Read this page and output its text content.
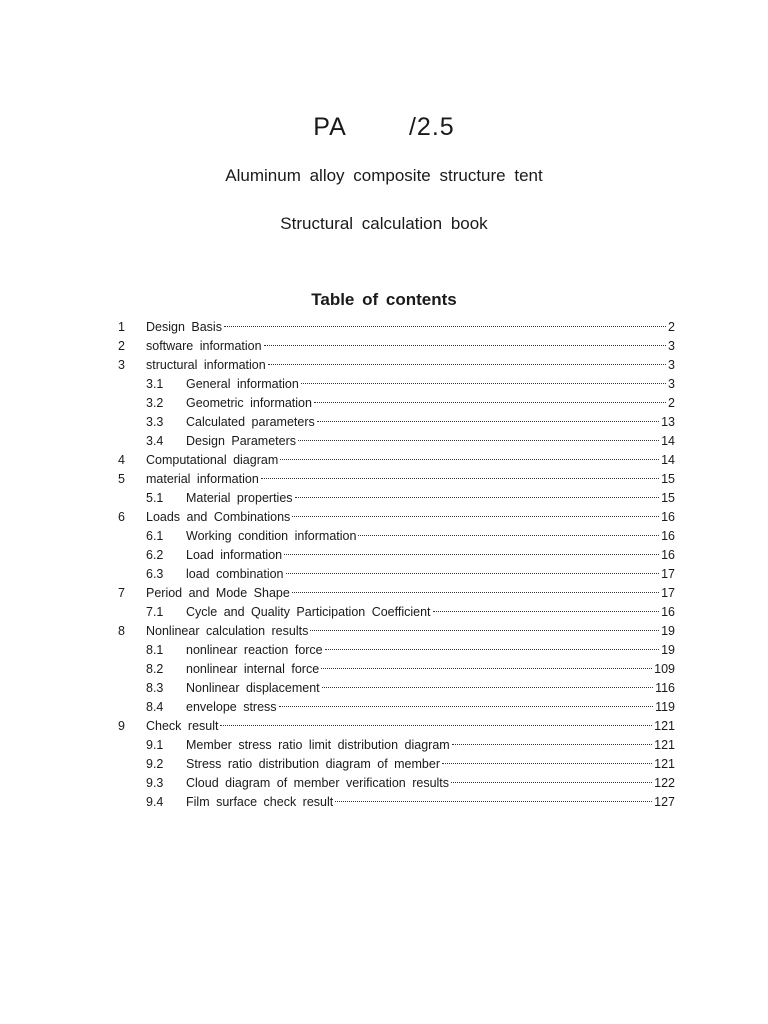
PA        /2.5
Aluminum alloy composite structure tent
Structural calculation book
Table of contents
1 Design Basis	2
2 software information	3
3 structural information	3
3.1 General information	3
3.2 Geometric information	2
3.3 Calculated parameters	13
3.4 Design Parameters	14
4 Computational diagram	14
5 material information	15
5.1 Material properties	15
6 Loads and Combinations	16
6.1 Working condition information	16
6.2 Load information	16
6.3 load combination	17
7 Period and Mode Shape	17
7.1 Cycle and Quality Participation Coefficient	16
8 Nonlinear calculation results	19
8.1 nonlinear reaction force	19
8.2 nonlinear internal force	109
8.3 Nonlinear displacement	116
8.4 envelope stress	119
9 Check result	121
9.1 Member stress ratio limit distribution diagram	121
9.2 Stress ratio distribution diagram of member	121
9.3 Cloud diagram of member verification results	122
9.4 Film surface check result	127
